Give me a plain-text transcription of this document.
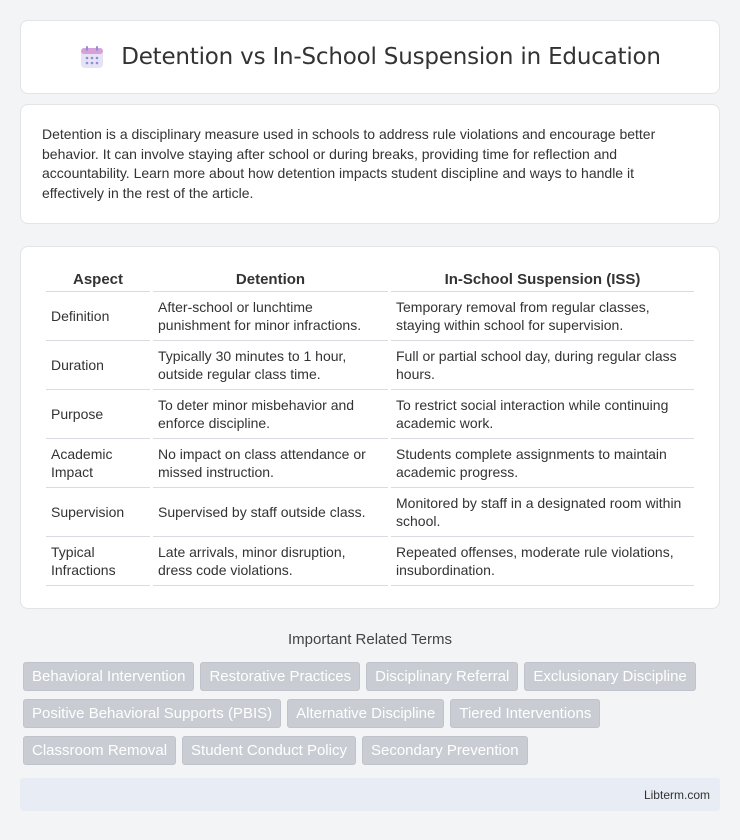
Detention vs In-School Suspension in Education

Detention is a disciplinary measure used in schools to address rule violations and encourage better behavior. It can involve staying after school or during breaks, providing time for reflection and accountability. Learn more about how detention impacts student discipline and ways to handle it effectively in the rest of the article.

Aspect	Detention	In-School Suspension (ISS)
Definition	After-school or lunchtime punishment for minor infractions.	Temporary removal from regular classes, staying within school for supervision.
Duration	Typically 30 minutes to 1 hour, outside regular class time.	Full or partial school day, during regular class hours.
Purpose	To deter minor misbehavior and enforce discipline.	To restrict social interaction while continuing academic work.
Academic Impact	No impact on class attendance or missed instruction.	Students complete assignments to maintain academic progress.
Supervision	Supervised by staff outside class.	Monitored by staff in a designated room within school.
Typical Infractions	Late arrivals, minor disruption, dress code violations.	Repeated offenses, moderate rule violations, insubordination.
Important Related Terms
Behavioral Intervention	Restorative Practices	Disciplinary Referral	Exclusionary Discipline
Positive Behavioral Supports (PBIS)	Alternative Discipline	Tiered Interventions
Classroom Removal	Student Conduct Policy	Secondary Prevention
Libterm.com
